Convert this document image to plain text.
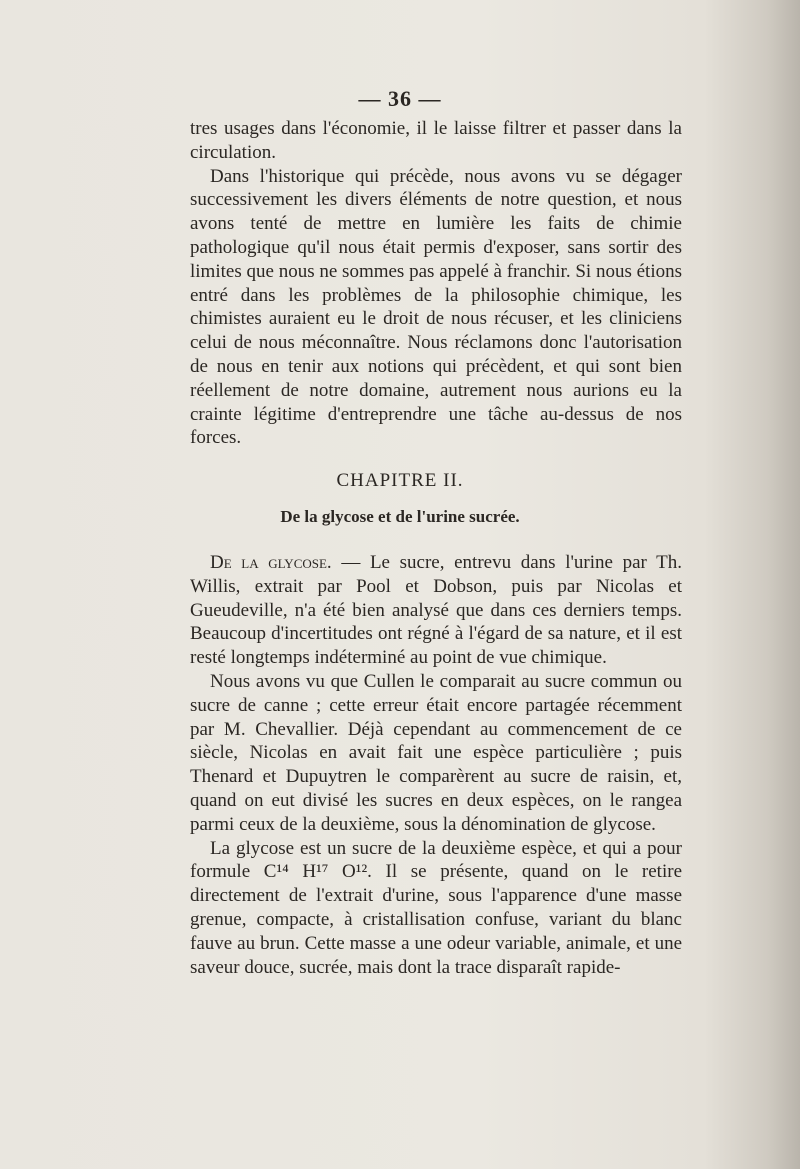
— 36 —

tres usages dans l'économie, il le laisse filtrer et passer dans la circulation.

Dans l'historique qui précède, nous avons vu se dégager successivement les divers éléments de notre question, et nous avons tenté de mettre en lumière les faits de chimie pathologique qu'il nous était permis d'exposer, sans sortir des limites que nous ne sommes pas appelé à franchir. Si nous étions entré dans les problèmes de la philosophie chimique, les chimistes auraient eu le droit de nous récuser, et les cliniciens celui de nous méconnaître. Nous réclamons donc l'autorisation de nous en tenir aux notions qui précèdent, et qui sont bien réellement de notre domaine, autrement nous aurions eu la crainte légitime d'entreprendre une tâche au-dessus de nos forces.

CHAPITRE II.
De la glycose et de l'urine sucrée.

De la glycose. — Le sucre, entrevu dans l'urine par Th. Willis, extrait par Pool et Dobson, puis par Nicolas et Gueudeville, n'a été bien analysé que dans ces derniers temps. Beaucoup d'incertitudes ont régné à l'égard de sa nature, et il est resté longtemps indéterminé au point de vue chimique.

Nous avons vu que Cullen le comparait au sucre commun ou sucre de canne ; cette erreur était encore partagée récemment par M. Chevallier. Déjà cependant au commencement de ce siècle, Nicolas en avait fait une espèce particulière ; puis Thenard et Dupuytren le comparèrent au sucre de raisin, et, quand on eut divisé les sucres en deux espèces, on le rangea parmi ceux de la deuxième, sous la dénomination de glycose.

La glycose est un sucre de la deuxième espèce, et qui a pour formule C¹⁴ H¹⁷ O¹². Il se présente, quand on le retire directement de l'extrait d'urine, sous l'apparence d'une masse grenue, compacte, à cristallisation confuse, variant du blanc fauve au brun. Cette masse a une odeur variable, animale, et une saveur douce, sucrée, mais dont la trace disparaît rapide-
